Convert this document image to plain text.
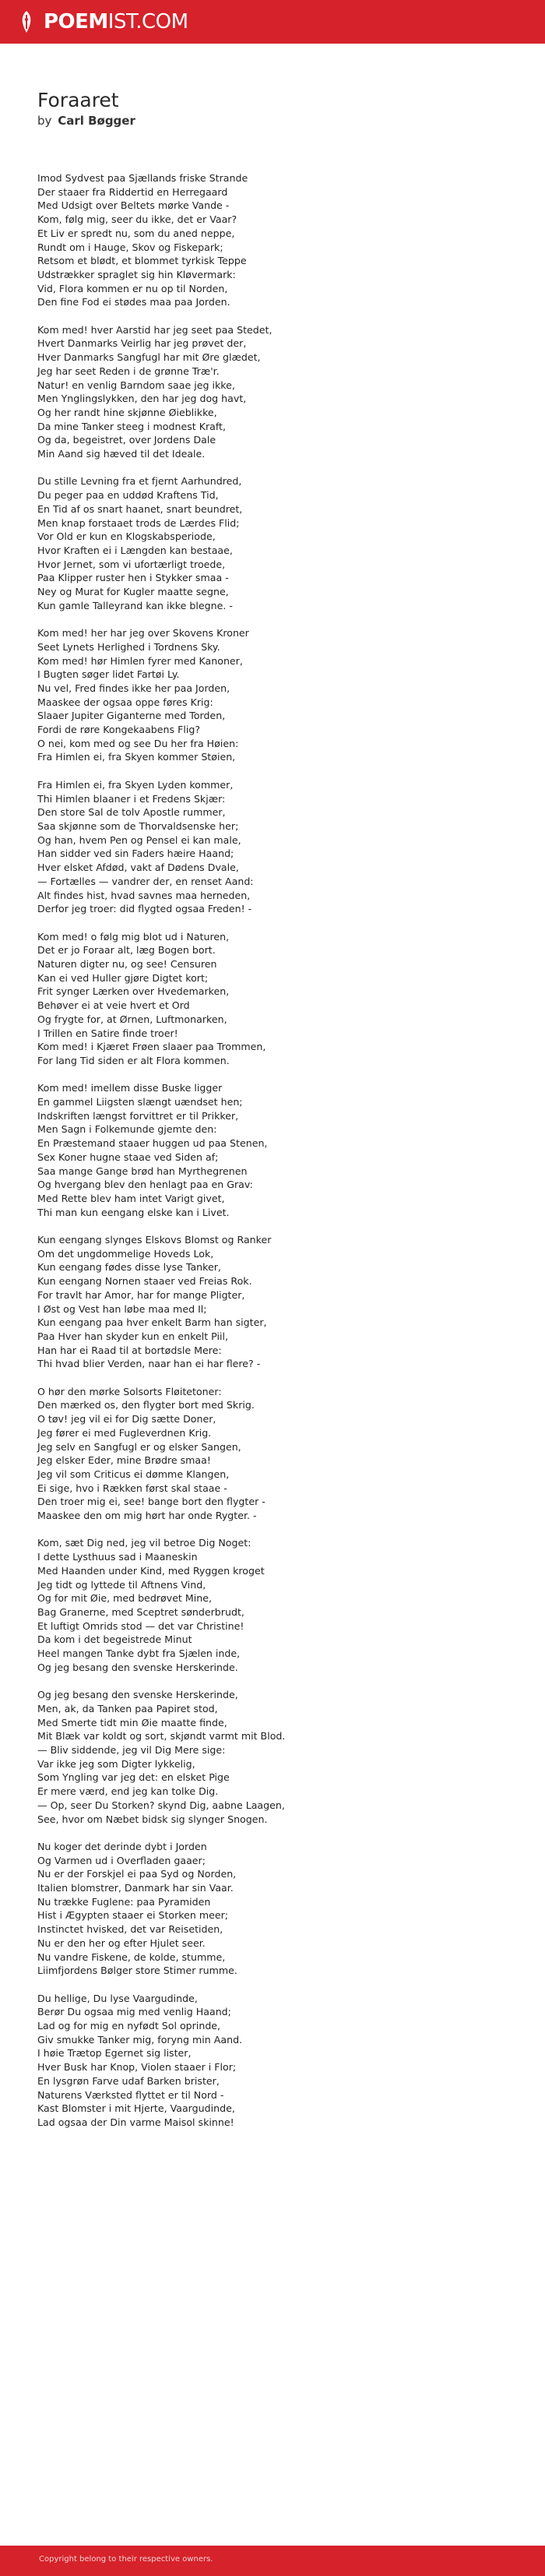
POEM IST.COM
Foraaret
by Carl Bøgger
Imod Sydvest paa Sjællands friske Strande
Der staaer fra Riddertid en Herregaard
Med Udsigt over Beltets mørke Vande -
Kom, følg mig, seer du ikke, det er Vaar?
Et Liv er spredt nu, som du aned neppe,
Rundt om i Hauge, Skov og Fiskepark;
Retsom et blødt, et blommet tyrkisk Teppe
Udstrækker spraglet sig hin Kløvermark:
Vid, Flora kommen er nu op til Norden,
Den fine Fod ei stødes maa paa Jorden.
Kom med! hver Aarstid har jeg seet paa Stedet,
Hvert Danmarks Veirlig har jeg prøvet der,
Hver Danmarks Sangfugl har mit Øre glædet,
Jeg har seet Reden i de grønne Træ'r.
Natur! en venlig Barndom saae jeg ikke,
Men Ynglingslykken, den har jeg dog havt,
Og her randt hine skjønne Øieblikke,
Da mine Tanker steeg i modnest Kraft,
Og da, begeistret, over Jordens Dale
Min Aand sig hæved til det Ideale.
Du stille Levning fra et fjernt Aarhundred,
Du peger paa en uddød Kraftens Tid,
En Tid af os snart haanet, snart beundret,
Men knap forstaaet trods de Lærdes Flid;
Vor Old er kun en Klogskabsperiode,
Hvor Kraften ei i Længden kan bestaae,
Hvor Jernet, som vi ufortærligt troede,
Paa Klipper ruster hen i Stykker smaa -
Ney og Murat for Kugler maatte segne,
Kun gamle Talleyrand kan ikke blegne. -
Kom med! her har jeg over Skovens Kroner
Seet Lynets Herlighed i Tordnens Sky.
Kom med! hør Himlen fyrer med Kanoner,
I Bugten søger lidet Fartøi Ly.
Nu vel, Fred findes ikke her paa Jorden,
Maaskee der ogsaa oppe føres Krig:
Slaaer Jupiter Giganterne med Torden,
Fordi de røre Kongekaabens Flig?
O nei, kom med og see Du her fra Høien:
Fra Himlen ei, fra Skyen kommer Støien,
Fra Himlen ei, fra Skyen Lyden kommer,
Thi Himlen blaaner i et Fredens Skjær:
Den store Sal de tolv Apostle rummer,
Saa skjønne som de Thorvaldsenske her;
Og han, hvem Pen og Pensel ei kan male,
Han sidder ved sin Faders hæire Haand;
Hver elsket Afdød, vakt af Dødens Dvale,
— Fortælles — vandrer der, en renset Aand:
Alt findes hist, hvad savnes maa herneden,
Derfor jeg troer: did flygted ogsaa Freden! -
Kom med! o følg mig blot ud i Naturen,
Det er jo Foraar alt, læg Bogen bort.
Naturen digter nu, og see! Censuren
Kan ei ved Huller gjøre Digtet kort;
Frit synger Lærken over Hvedemarken,
Behøver ei at veie hvert et Ord
Og frygte for, at Ørnen, Luftmonarken,
I Trillen en Satire finde troer!
Kom med! i Kjæret Frøen slaaer paa Trommen,
For lang Tid siden er alt Flora kommen.
Kom med! imellem disse Buske ligger
En gammel Liigsten slængt uændset hen;
Indskriften længst forvittret er til Prikker,
Men Sagn i Folkemunde gjemte den:
En Præstemand staaer huggen ud paa Stenen,
Sex Koner hugne staae ved Siden af;
Saa mange Gange brød han Myrthegrenen
Og hvergang blev den henlagt paa en Grav:
Med Rette blev ham intet Varigt givet,
Thi man kun eengang elske kan i Livet.
Kun eengang slynges Elskovs Blomst og Ranker
Om det ungdommelige Hoveds Lok,
Kun eengang fødes disse lyse Tanker,
Kun eengang Nornen staaer ved Freias Rok.
For travlt har Amor, har for mange Pligter,
I Øst og Vest han løbe maa med Il;
Kun eengang paa hver enkelt Barm han sigter,
Paa Hver han skyder kun en enkelt Piil,
Han har ei Raad til at bortødsle Mere:
Thi hvad blier Verden, naar han ei har flere? -
O hør den mørke Solsorts Fløitetoner:
Den mærked os, den flygter bort med Skrig.
O tøv! jeg vil ei for Dig sætte Doner,
Jeg fører ei med Fugleverdnen Krig.
Jeg selv en Sangfugl er og elsker Sangen,
Jeg elsker Eder, mine Brødre smaa!
Jeg vil som Criticus ei dømme Klangen,
Ei sige, hvo i Rækken først skal staae -
Den troer mig ei, see! bange bort den flygter -
Maaskee den om mig hørt har onde Rygter. -
Kom, sæt Dig ned, jeg vil betroe Dig Noget:
I dette Lysthuus sad i Maaneskin
Med Haanden under Kind, med Ryggen kroget
Jeg tidt og lyttede til Aftnens Vind,
Og for mit Øie, med bedrøvet Mine,
Bag Granerne, med Sceptret sønderbrudt,
Et luftigt Omrids stod — det var Christine!
Da kom i det begeistrede Minut
Heel mangen Tanke dybt fra Sjælen inde,
Og jeg besang den svenske Herskerinde.
Og jeg besang den svenske Herskerinde,
Men, ak, da Tanken paa Papiret stod,
Med Smerte tidt min Øie maatte finde,
Mit Blæk var koldt og sort, skjøndt varmt mit Blod.
— Bliv siddende, jeg vil Dig Mere sige:
Var ikke jeg som Digter lykkelig,
Som Yngling var jeg det: en elsket Pige
Er mere værd, end jeg kan tolke Dig.
— Op, seer Du Storken? skynd Dig, aabne Laagen,
See, hvor om Næbet bidsk sig slynger Snogen.
Nu koger det derinde dybt i Jorden
Og Varmen ud i Overfladen gaaer;
Nu er der Forskjel ei paa Syd og Norden,
Italien blomstrer, Danmark har sin Vaar.
Nu trække Fuglene: paa Pyramiden
Hist i Ægypten staaer ei Storken meer;
Instinctet hvisked, det var Reisetiden,
Nu er den her og efter Hjulet seer.
Nu vandre Fiskene, de kolde, stumme,
Liimfjordens Bølger store Stimer rumme.
Du hellige, Du lyse Vaargudinde,
Berør Du ogsaa mig med venlig Haand;
Lad og for mig en nyfødt Sol oprinde,
Giv smukke Tanker mig, foryng min Aand.
I høie Trætop Egernet sig lister,
Hver Busk har Knop, Violen staaer i Flor;
En lysgrøn Farve udaf Barken brister,
Naturens Værksted flyttet er til Nord -
Kast Blomster i mit Hjerte, Vaargudinde,
Lad ogsaa der Din varme Maisol skinne!
Copyright belong to their respective owners.
